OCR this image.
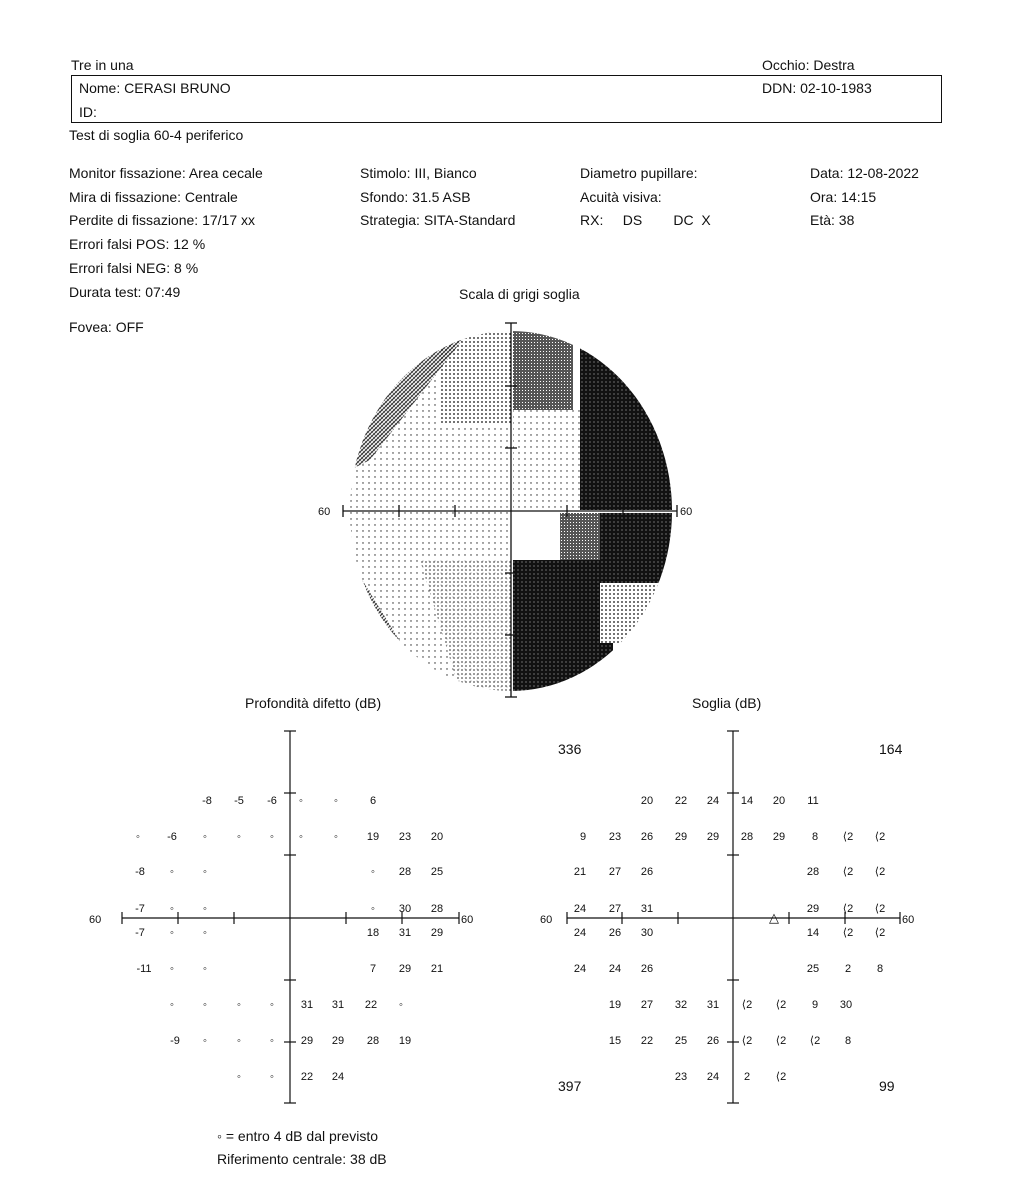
Tre in una	Occhio: Destra
Nome: CERASI BRUNO	DDN: 02-10-1983
ID:
Test di soglia 60-4 periferico
Monitor fissazione: Area cecale
Mira di fissazione: Centrale
Perdite di fissazione: 17/17 xx
Errori falsi POS: 12 %
Errori falsi NEG: 8 %
Durata test: 07:49
Fovea: OFF
Stimolo: III, Bianco
Sfondo: 31.5 ASB
Strategia: SITA-Standard
Diametro pupillare:
Acuità visiva:
RX:     DS        DC  X
Data: 12-08-2022
Ora: 14:15
Età: 38
Scala di grigi soglia
Profondità difetto (dB)	Soglia (dB)
60	60
60	60	60	60
336	164
397	99
◦ = entro 4 dB dal previsto
Riferimento centrale: 38 dB
-8 -5 -6 ◦	◦	6
◦ -6 ◦	◦	◦ ◦	◦	19 23 20
-8 ◦	◦	◦ 28 25
-7 ◦	◦	◦ 30 28
-7 ◦	◦	18 31 29
-11 ◦	◦	7 29 21
◦	◦	◦	◦ 31 31 22 ◦
-9 ◦	◦	◦ 29 29 28 19
◦	◦ 22 24
20 22 24 14 20 11
9 23 26 29 29 28 29 8 ⟨2 ⟨2
21 27 26	28 ⟨2 ⟨2
24 27 31	29 ⟨2 ⟨2
24 26 30	14 ⟨2 ⟨2
24 24 26	25 2 8
19 27 32 31 ⟨2 ⟨2 9 30
15 22 25 26 ⟨2 ⟨2 ⟨2 8
23 24 2 ⟨2
△
